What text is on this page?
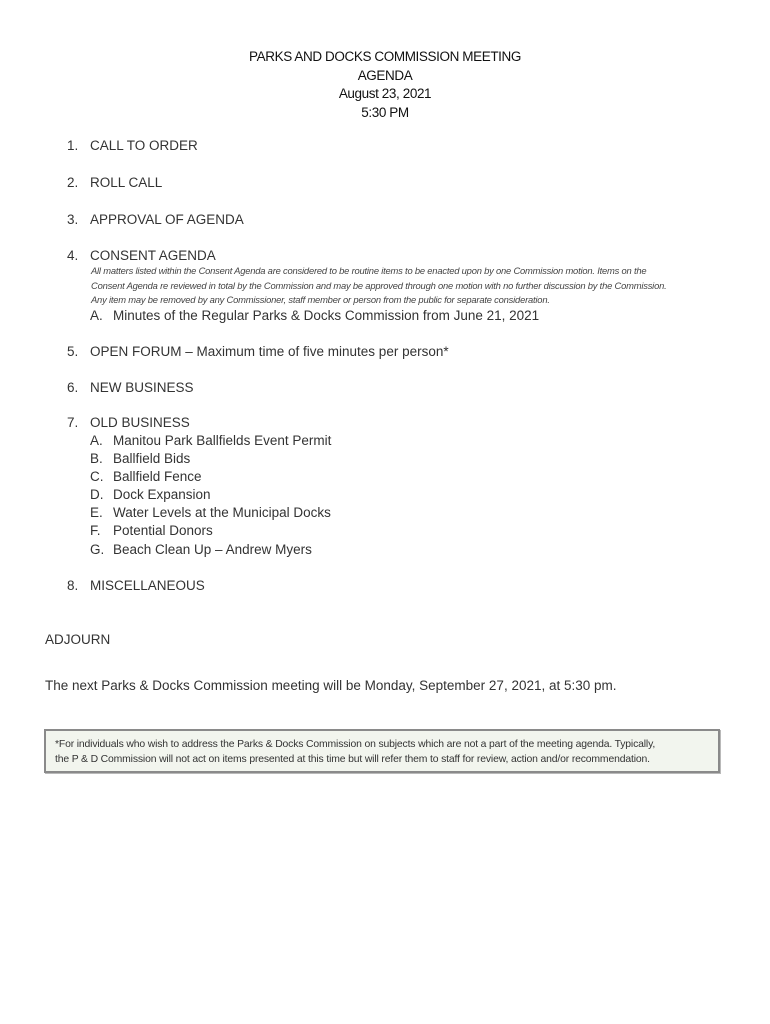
PARKS AND DOCKS COMMISSION MEETING
AGENDA
August 23, 2021
5:30 PM
1. CALL TO ORDER
2. ROLL CALL
3. APPROVAL OF AGENDA
4. CONSENT AGENDA
All matters listed within the Consent Agenda are considered to be routine items to be enacted upon by one Commission motion. Items on the
Consent Agenda re reviewed in total by the Commission and may be approved through one motion with no further discussion by the Commission.
Any item may be removed by any Commissioner, staff member or person from the public for separate consideration.
A. Minutes of the Regular Parks & Docks Commission from June 21, 2021
5. OPEN FORUM – Maximum time of five minutes per person*
6. NEW BUSINESS
7. OLD BUSINESS
A. Manitou Park Ballfields Event Permit
B. Ballfield Bids
C. Ballfield Fence
D. Dock Expansion
E. Water Levels at the Municipal Docks
F. Potential Donors
G. Beach Clean Up – Andrew Myers
8. MISCELLANEOUS
ADJOURN
The next Parks & Docks Commission meeting will be Monday, September 27, 2021, at 5:30 pm.
*For individuals who wish to address the Parks & Docks Commission on subjects which are not a part of the meeting agenda. Typically,
the P & D Commission will not act on items presented at this time but will refer them to staff for review, action and/or recommendation.
